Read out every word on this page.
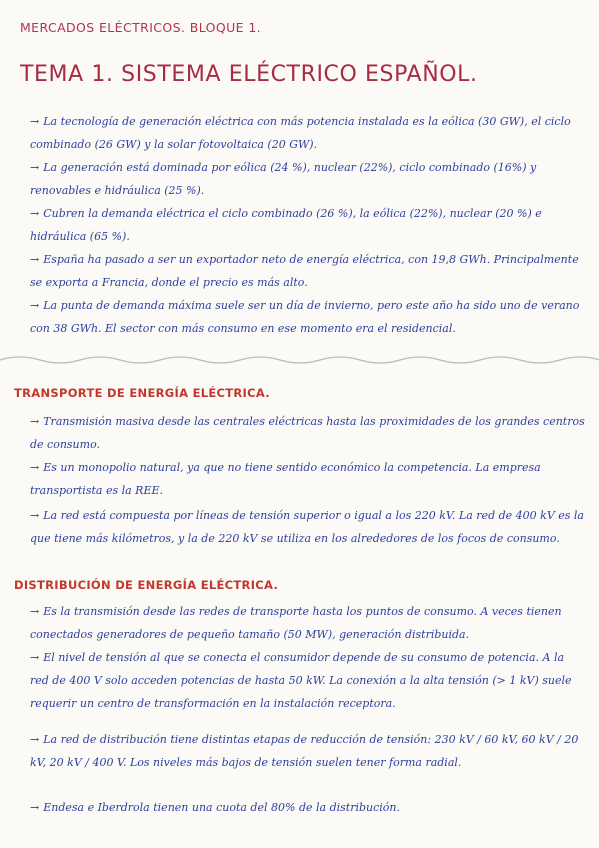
MERCADOS ELÉCTRICOS. BLOQUE 1.
TEMA 1. SISTEMA ELÉCTRICO ESPAÑOL.
→ La tecnología de generación eléctrica con más potencia instalada es la eólica (30 GW), el ciclo combinado (26 GW) y la solar fotovoltaica (20 GW).
→ La generación está dominada por eólica (24 %), nuclear (22%), ciclo combinado (16%) y renovables e hidráulica (25 %).
→ Cubren la demanda eléctrica el ciclo combinado (26 %), la eólica (22%), nuclear (20 %) e hidráulica (65 %).
→ España ha pasado a ser un exportador neto de energía eléctrica, con 19,8 GWh. Principalmente se exporta a Francia, donde el precio es más alto.
→ La punta de demanda máxima suele ser un día de invierno, pero este año ha sido uno de verano con 38 GWh. El sector con más consumo en ese momento era el residencial.
TRANSPORTE DE ENERGÍA ELÉCTRICA.
→ Transmisión masiva desde las centrales eléctricas hasta las proximidades de los grandes centros de consumo.
→ Es un monopolio natural, ya que no tiene sentido económico la competencia. La empresa transportista es la REE.
→ La red está compuesta por líneas de tensión superior o igual a los 220 kV. La red de 400 kV es la que tiene más kilómetros, y la de 220 kV se utiliza en los alrededores de los focos de consumo.
DISTRIBUCIÓN DE ENERGÍA ELÉCTRICA.
→ Es la transmisión desde las redes de transporte hasta los puntos de consumo. A veces tienen conectados generadores de pequeño tamaño (50 MW), generación distribuida.
→ El nivel de tensión al que se conecta el consumidor depende de su consumo de potencia. A la red de 400 V solo acceden potencias de hasta 50 kW. La conexión a la alta tensión (> 1 kV) suele requerir un centro de transformación en la instalación receptora.
→ La red de distribución tiene distintas etapas de reducción de tensión: 230 kV / 60 kV, 60 kV / 20 kV, 20 kV / 400 V. Los niveles más bajos de tensión suelen tener forma radial.
→ Endesa e Iberdrola tienen una cuota del 80% de la distribución.
